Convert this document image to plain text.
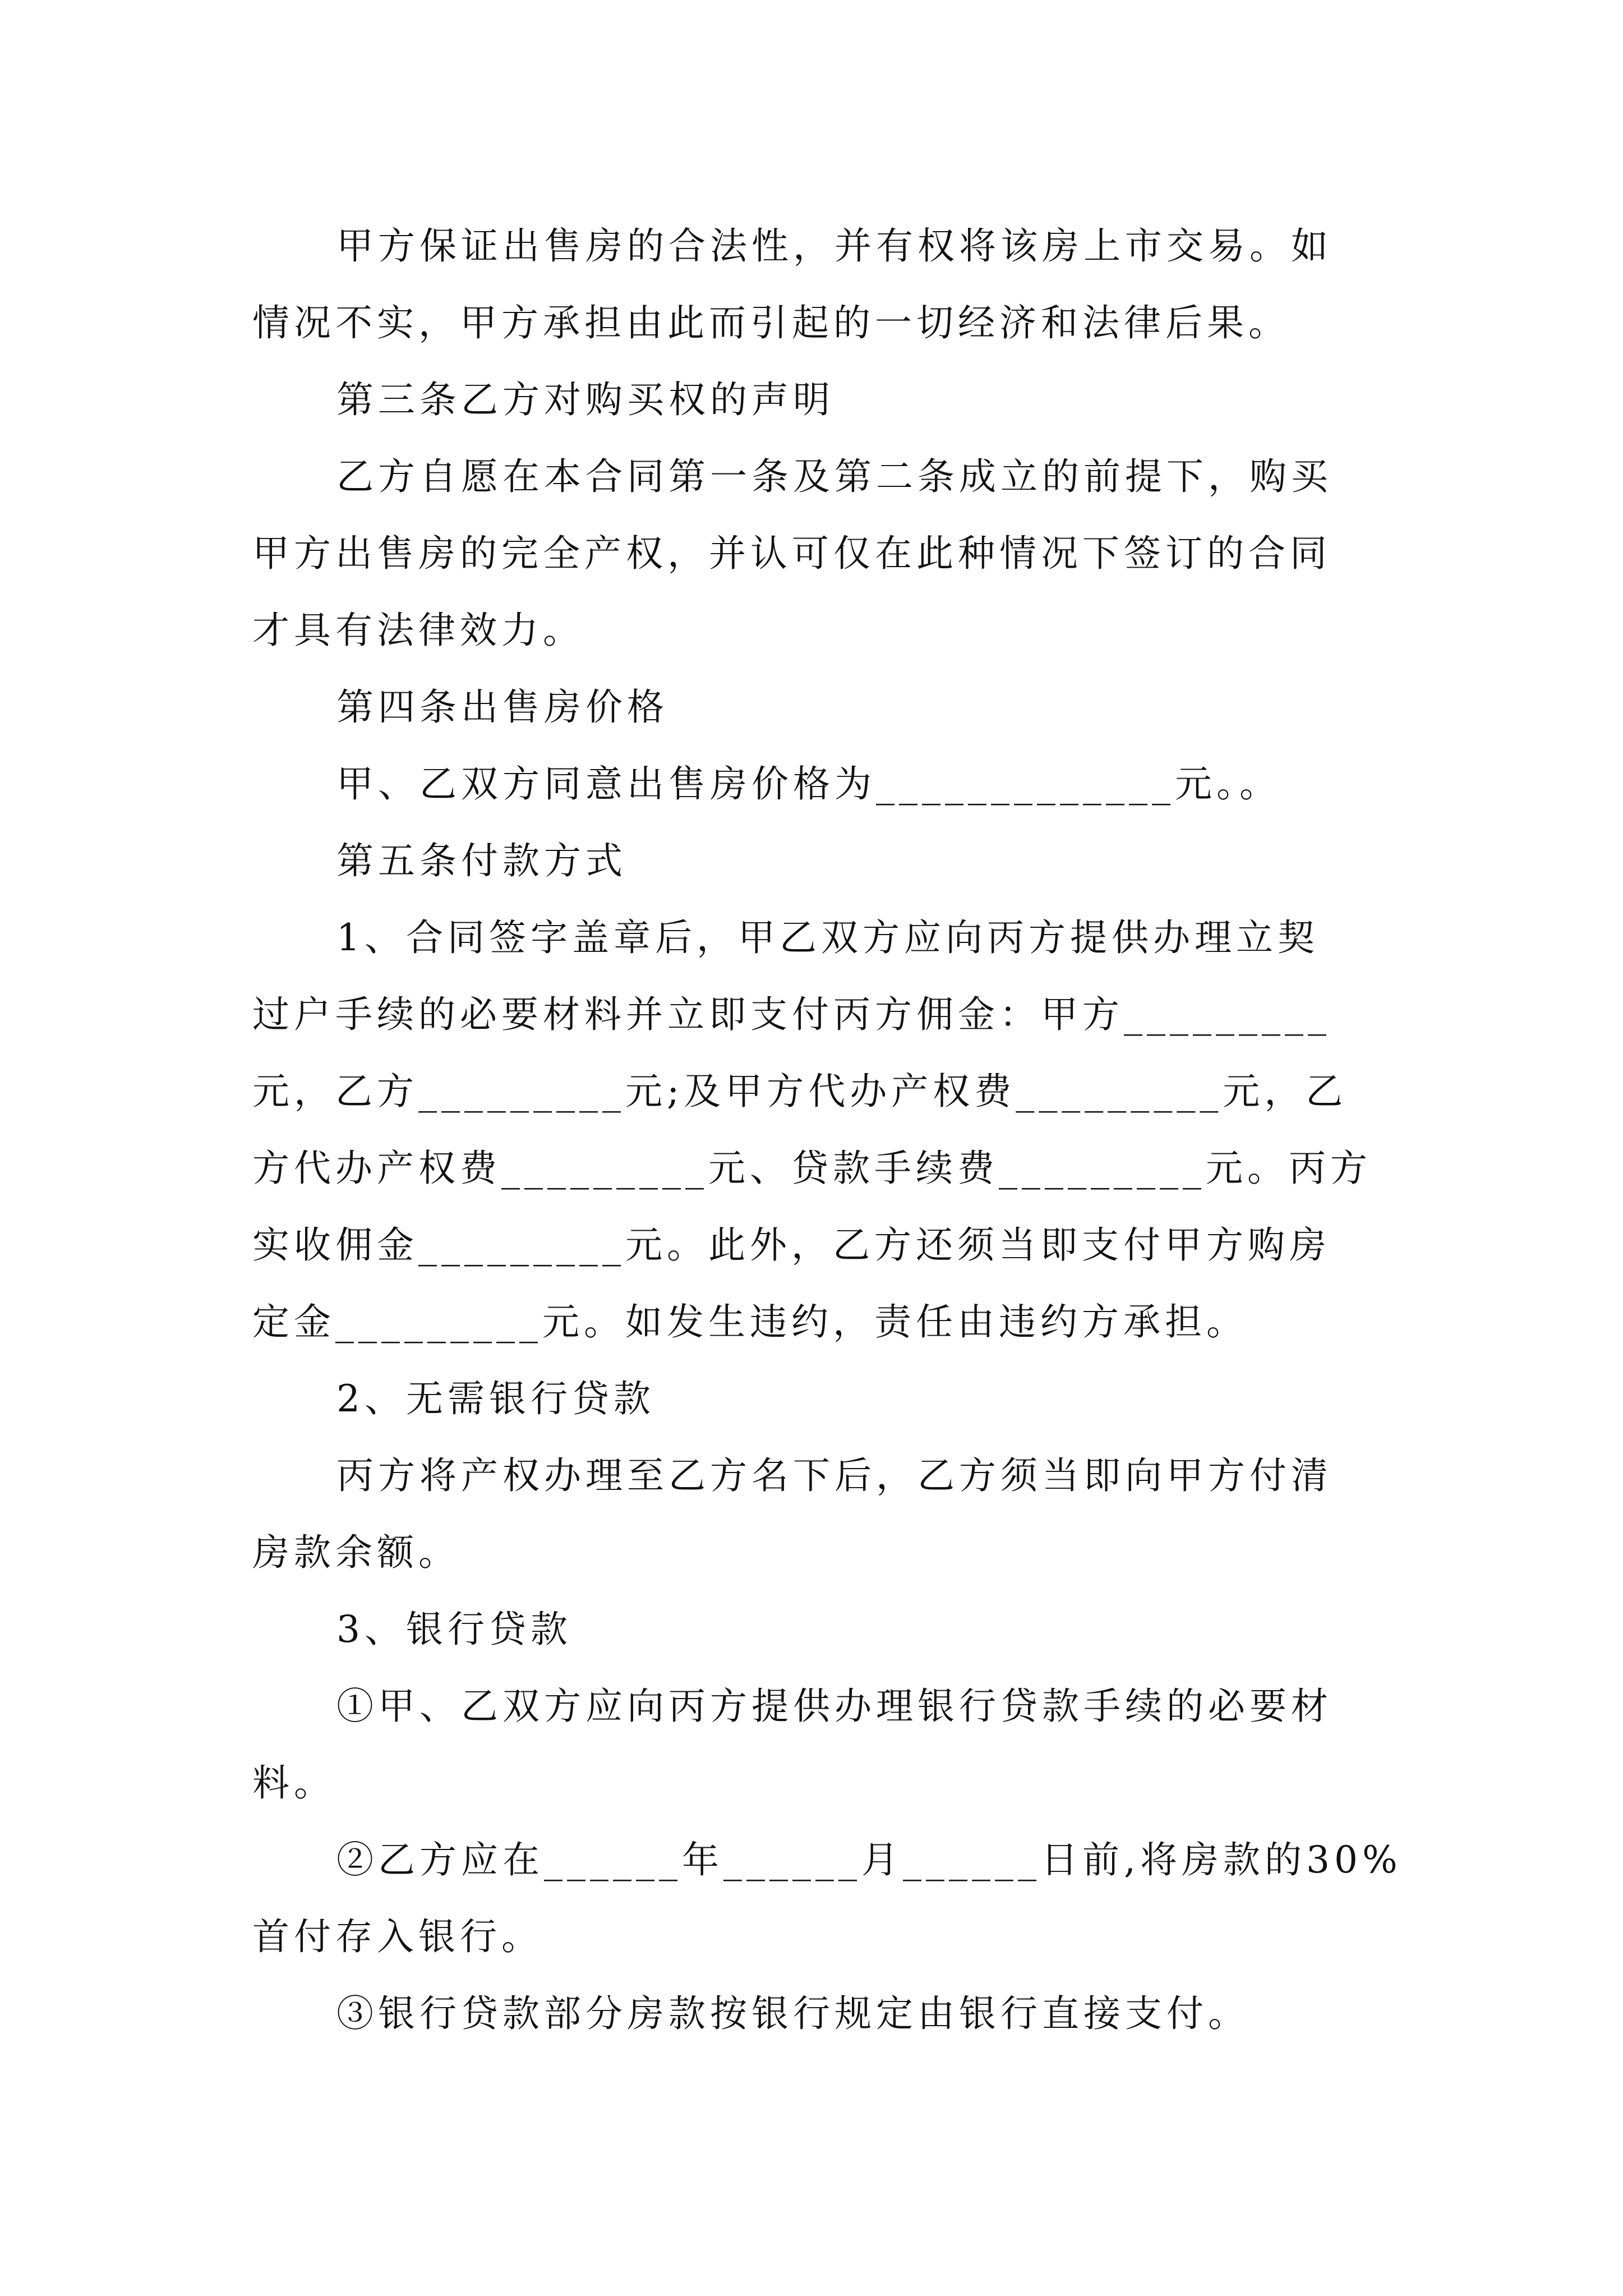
甲方保证出售房的合法性，并有权将该房上市交易。如
情况不实，甲方承担由此而引起的一切经济和法律后果。
第三条乙方对购买权的声明
乙方自愿在本合同第一条及第二条成立的前提下，购买
甲方出售房的完全产权，并认可仅在此种情况下签订的合同
才具有法律效力。
第四条出售房价格
甲、乙双方同意出售房价格为_____________元。。
第五条付款方式
1、合同签字盖章后，甲乙双方应向丙方提供办理立契
过户手续的必要材料并立即支付丙方佣金：甲方_________
元，乙方_________元;及甲方代办产权费_________元，乙
方代办产权费_________元、贷款手续费_________元。丙方
实收佣金_________元。此外，乙方还须当即支付甲方购房
定金_________元。如发生违约，责任由违约方承担。
2、无需银行贷款
丙方将产权办理至乙方名下后，乙方须当即向甲方付清
房款余额。
3、银行贷款
①甲、乙双方应向丙方提供办理银行贷款手续的必要材
料。
②乙方应在______年______月______日前,将房款的30%
首付存入银行。
③银行贷款部分房款按银行规定由银行直接支付。
